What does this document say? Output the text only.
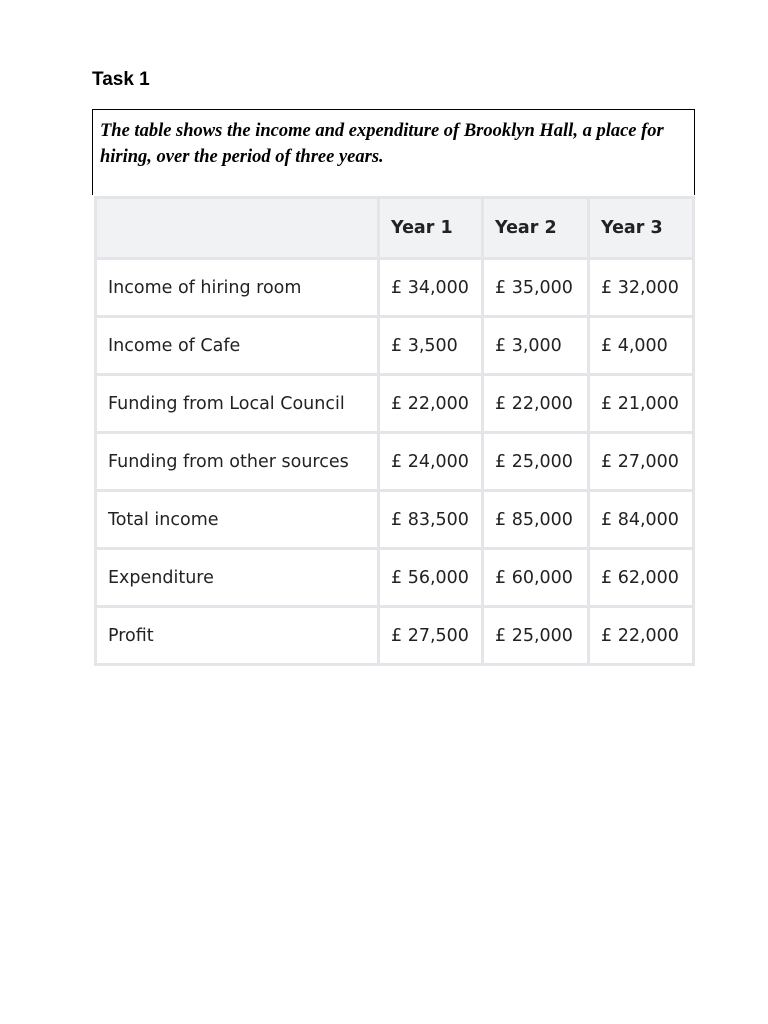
Task 1

The table shows the income and expenditure of Brooklyn Hall, a place for hiring, over the period of three years.

	Year 1	Year 2	Year 3
Income of hiring room	£ 34,000	£ 35,000	£ 32,000
Income of Cafe	£ 3,500	£ 3,000	£ 4,000
Funding from Local Council	£ 22,000	£ 22,000	£ 21,000
Funding from other sources	£ 24,000	£ 25,000	£ 27,000
Total income	£ 83,500	£ 85,000	£ 84,000
Expenditure	£ 56,000	£ 60,000	£ 62,000
Profit	£ 27,500	£ 25,000	£ 22,000
